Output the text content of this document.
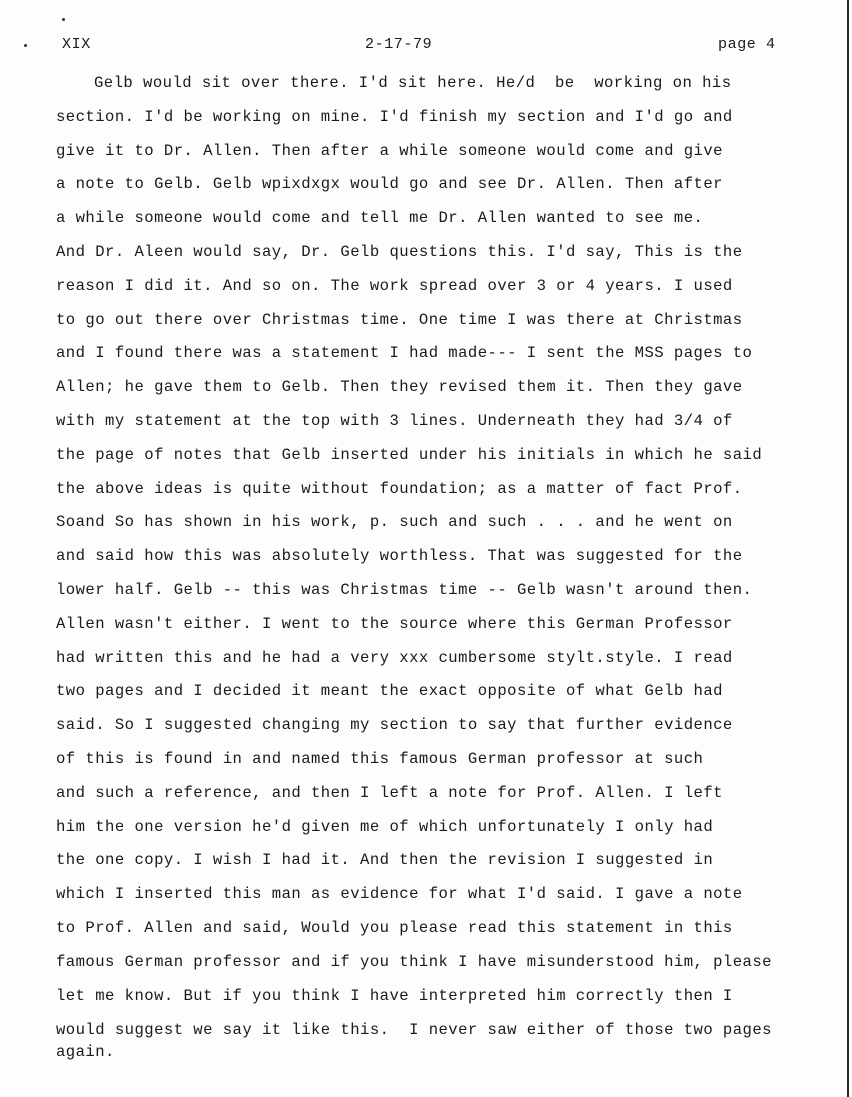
XIX	2-17-79	page 4
Gelb would sit over there. I'd sit here. He/d  be  working on his
section. I'd be working on mine. I'd finish my section and I'd go and
give it to Dr. Allen. Then after a while someone would come and give
a note to Gelb. Gelb wpixdxgx would go and see Dr. Allen. Then after
a while someone would come and tell me Dr. Allen wanted to see me.
And Dr. Aleen would say, Dr. Gelb questions this. I'd say, This is the
reason I did it. And so on. The work spread over 3 or 4 years. I used
to go out there over Christmas time. One time I was there at Christmas
and I found there was a statement I had made--- I sent the MSS pages to
Allen; he gave them to Gelb. Then they revised them it. Then they gave
with my statement at the top with 3 lines. Underneath they had 3/4 of
the page of notes that Gelb inserted under his initials in which he said
the above ideas is quite without foundation; as a matter of fact Prof.
Soand So has shown in his work, p. such and such . . . and he went on
and said how this was absolutely worthless. That was suggested for the
lower half. Gelb -- this was Christmas time -- Gelb wasn't around then.
Allen wasn't either. I went to the source where this German Professor
had written this and he had a very xxx cumbersome stylt.style. I read
two pages and I decided it meant the exact opposite of what Gelb had
said. So I suggested changing my section to say that further evidence
of this is found in and named this famous German professor at such
and such a reference, and then I left a note for Prof. Allen. I left
him the one version he'd given me of which unfortunately I only had
the one copy. I wish I had it. And then the revision I suggested in
which I inserted this man as evidence for what I'd said. I gave a note
to Prof. Allen and said, Would you please read this statement in this
famous German professor and if you think I have misunderstood him, please
let me know. But if you think I have interpreted him correctly then I
would suggest we say it like this.  I never saw either of those two pages
again.
